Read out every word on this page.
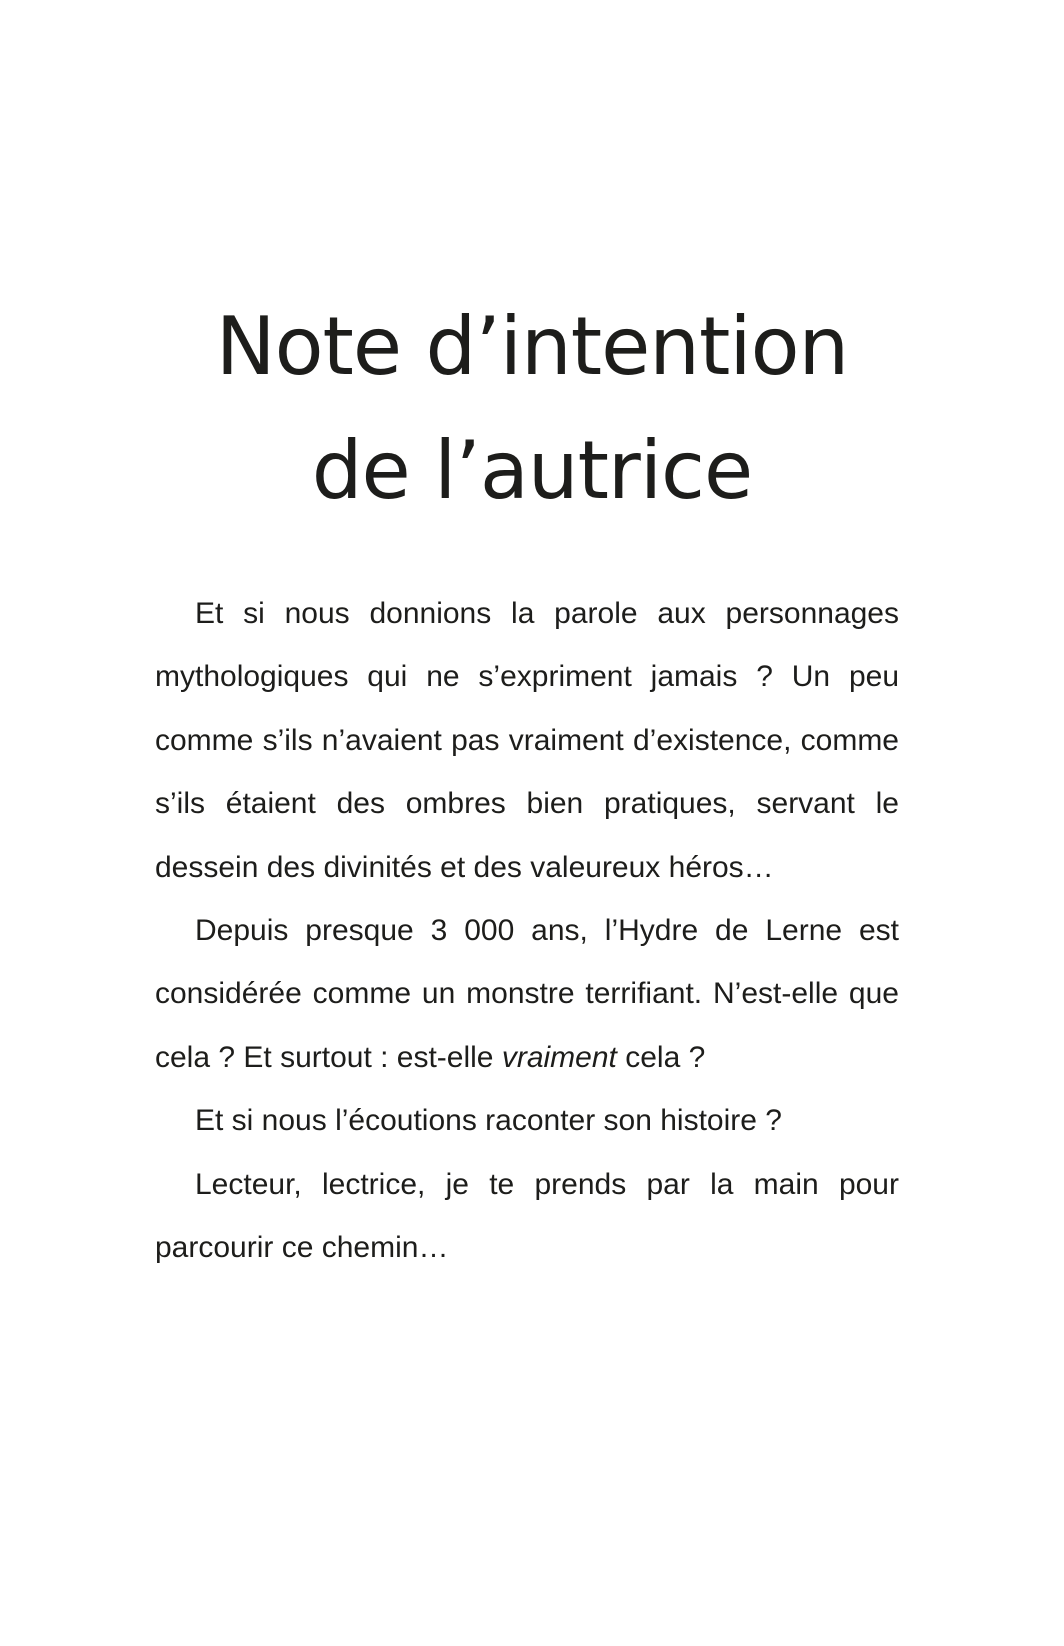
Note d’intention
de l’autrice

Et si nous donnions la parole aux personnages mythologiques qui ne s’expriment jamais ? Un peu comme s’ils n’avaient pas vraiment d’existence, comme s’ils étaient des ombres bien pratiques, servant le dessein des divinités et des valeureux héros…

Depuis presque 3 000 ans, l’Hydre de Lerne est considérée comme un monstre terrifiant. N’est-elle que cela ? Et surtout : est-elle vraiment cela ?

Et si nous l’écoutions raconter son histoire ?

Lecteur, lectrice, je te prends par la main pour parcourir ce chemin…
